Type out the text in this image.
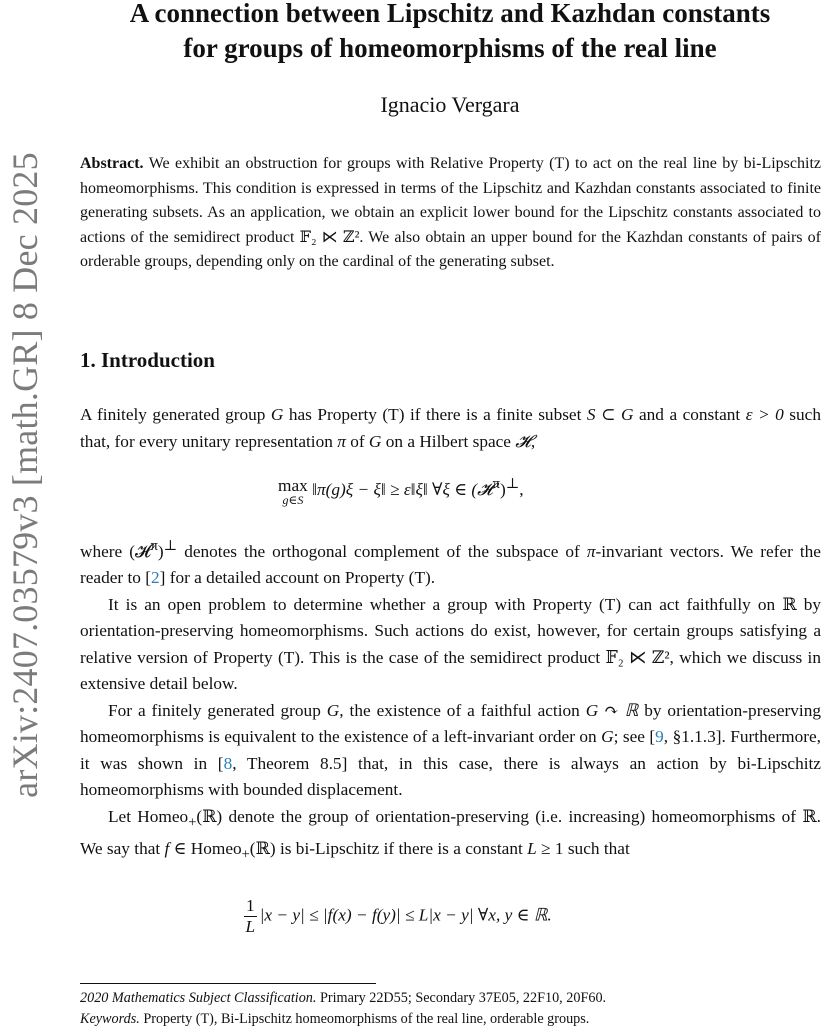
arXiv:2407.03579v3 [math.GR] 8 Dec 2025
A connection between Lipschitz and Kazhdan constants
for groups of homeomorphisms of the real line
Ignacio Vergara
Abstract. We exhibit an obstruction for groups with Relative Property (T) to act on the real line by bi-Lipschitz homeomorphisms. This condition is expressed in terms of the Lipschitz and Kazhdan constants associated to finite generating subsets. As an application, we obtain an explicit lower bound for the Lipschitz constants associated to actions of the semidirect product 𝔽₂ ⋉ ℤ². We also obtain an upper bound for the Kazhdan constants of pairs of orderable groups, depending only on the cardinal of the generating subset.
1. Introduction
A finitely generated group G has Property (T) if there is a finite subset S ⊂ G and a constant ε > 0 such that, for every unitary representation π of G on a Hilbert space 𝓗,
max
g∈S
‖π(g)ξ − ξ‖ ≥ ε‖ξ‖ ∀ξ ∈ (𝓗$^\pi$)⊥,

where (𝓗$^\pi$)⊥ denotes the orthogonal complement of the subspace of π-invariant vectors. We refer the reader to [2] for a detailed account on Property (T).

It is an open problem to determine whether a group with Property (T) can act faithfully on ℝ by orientation-preserving homeomorphisms. Such actions do exist, however, for certain groups satisfying a relative version of Property (T). This is the case of the semidirect product 𝔽₂ ⋉ ℤ², which we discuss in extensive detail below.

For a finitely generated group G, the existence of a faithful action G ↷ ℝ by orientation-preserving homeomorphisms is equivalent to the existence of a left-invariant order on G; see [9, §1.1.3]. Furthermore, it was shown in [8, Theorem 8.5] that, in this case, there is always an action by bi-Lipschitz homeomorphisms with bounded displacement.

Let Homeo$_+$(ℝ) denote the group of orientation-preserving (i.e. increasing) homeomorphisms of ℝ. We say that f ∈ Homeo$_+$(ℝ) is bi-Lipschitz if there is a constant L ≥ 1 such that

$\frac{1}{L} |x - y| \le |f(x) - f(y)| \le L|x - y|$ ∀x, y ∈ ℝ.
2020 Mathematics Subject Classification. Primary 22D55; Secondary 37E05, 22F10, 20F60.
Keywords. Property (T), Bi-Lipschitz homeomorphisms of the real line, orderable groups.
